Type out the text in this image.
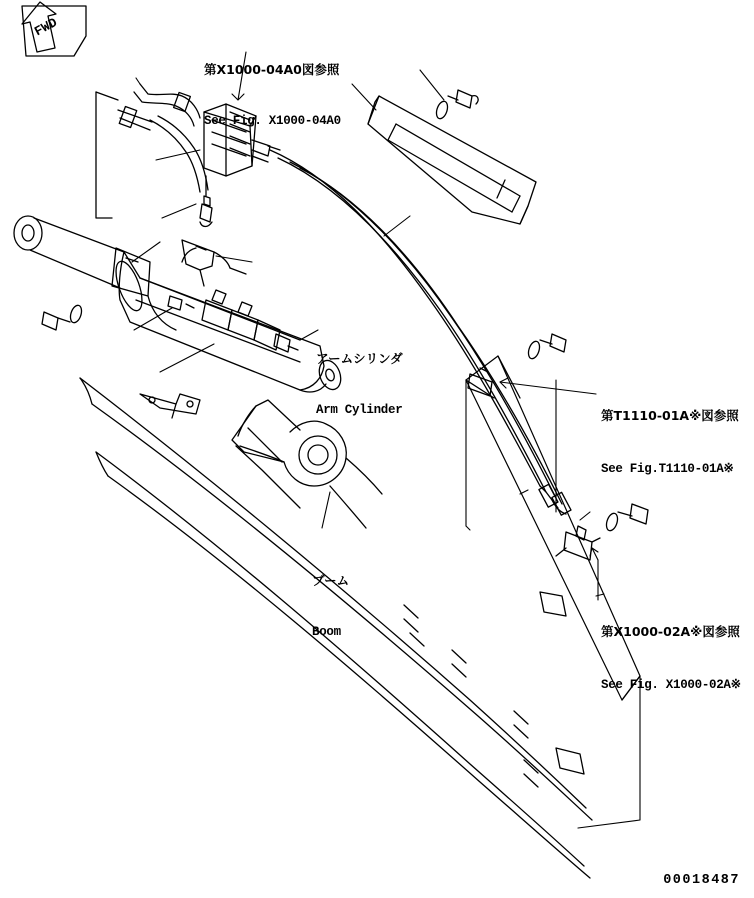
FWD

第X1000-04A0図参照

See Fig. X1000-04A0

第T1110-01A※図参照

See Fig.T1110-01A※

第X1000-02A※図参照

See Fig. X1000-02A※

アームシリンダ

Arm Cylinder

ブーム

Boom

00018487
